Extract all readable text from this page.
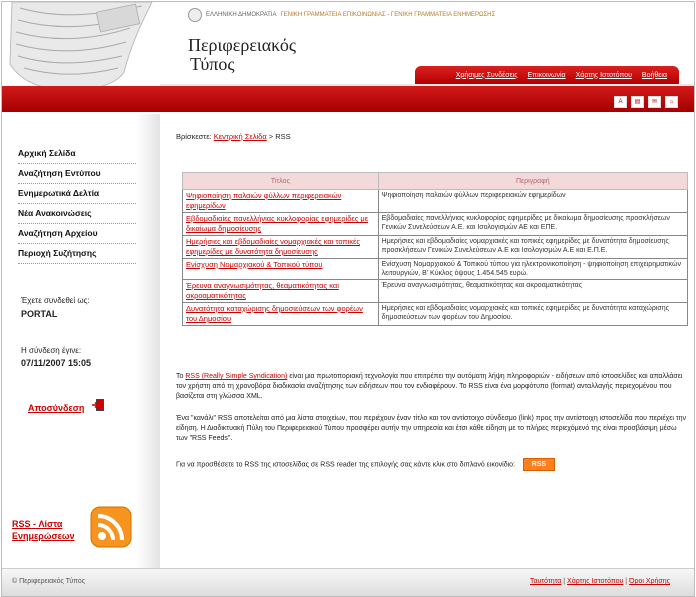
ΕΛΛΗΝΙΚΗ ΔΗΜΟΚΡΑΤΙΑ ΓΕΝΙΚΗ ΓΡΑΜΜΑΤΕΙΑ ΕΠΙΚΟΙΝΩΝΙΑΣ - ΓΕΝΙΚΗ ΓΡΑΜΜΑΤΕΙΑ ΕΝΗΜΕΡΩΣΗΣ
Περιφερειακός
Τύπος
Χρήσιμες Συνδέσεις Επικοινωνία Χάρτης Ιστοτόπου Βοήθεια
A	▤	✉	⌂
Αρχική Σελίδα
Αναζήτηση Εντύπου
Ενημερωτικά Δελτία
Νέα Ανακοινώσεις
Αναζήτηση Αρχείου
Περιοχή Συζήτησης
Έχετε συνδεθεί ως:
PORTAL
Η σύνδεση έγινε:
07/11/2007 15:05
Αποσύνδεση
RSS - Λίστα
Ενημερώσεων
Βρίσκεστε: Κεντρική Σελίδα > RSS
Τίτλος	Περιγραφή
Ψηφιοποίηση παλαιών φύλλων περιφερειακών εφημερίδων	Ψηφιοποίηση παλαιών φύλλων περιφερειακών εφημερίδων
Εβδομαδιαίες πανελλήνιας κυκλοφορίας εφημερίδες με δικαίωμα δημοσίευσης	Εβδομαδιαίες πανελλήνιας κυκλοφορίας εφημερίδες με δικαίωμα δημοσίευσης προσκλήσεων Γενικών Συνελεύσεων Α.Ε. και Ισολογισμών ΑΕ και ΕΠΕ.
Ημερήσιες και εβδομαδιαίες νομαρχιακές και τοπικές εφημερίδες με δυνατότητα δημοσίευσης	Ημερήσιες και εβδομαδιαίες νομαρχιακές και τοπικές εφημερίδες με δυνατότητα δημοσίευσης προσκλήσεων Γενικών Συνελεύσεων Α.Ε και Ισολογισμών Α.Ε και Ε.Π.Ε.
Ενίσχυση Νομαρχιακού & Τοπικού τύπου	Ενίσχυση Νομαρχιακού & Τοπικού τύπου για ηλεκτρονικοποίηση - ψηφιοποίηση επιχειρηματικών λειτουργιών, Β' Κύκλος όψους 1.454.545 ευρώ.
Έρευνα αναγνωσιμότητας, θεαματικότητας και ακροαματικότητας	Έρευνα αναγνωσιμότητας, θεαματικότητας και ακροαματικότητας
Δυνατότητα καταχώρισης δημοσιεύσεων των φορέων του Δημοσίου	Ημερήσιες και εβδομαδιαίες νομαρχιακές και τοπικές εφημερίδες με δυνατότητα καταχώρισης δημοσιεύσεων των φορέων του Δημοσίου.
Το RSS (Really Simple Syndication) είναι μια πρωτοποριακή τεχνολογία που επιτρέπει την αυτόματη λήψη πληροφοριών - ειδήσεων από ιστοσελίδες και απαλλάσει τον χρήστη από τη χρονοβόρα διαδικασία αναζήτησης των ειδήσεων που τον ενδιαφέρουν. Το RSS είναι ένα μορφότυπο (format) ανταλλαγής περιεχομένου που βασίζεται στη γλώσσα XML.
Ένα "κανάλι" RSS αποτελείται από μια λίστα στοιχείων, που περιέχουν έναν τίτλο και τον αντίστοιχο σύνδεσμο (link) προς την αντίστοιχη ιστοσελίδα που περιέχει την είδηση. Η Διαδικτυακή Πύλη του Περιφερειακού Τύπου προσφέρει αυτήν την υπηρεσία και έτσι κάθε είδηση με το πλήρες περιεχόμενό της είναι προσβάσιμη μέσω των "RSS Feeds".
Για να προσθέσετε το RSS της ιστοσελίδας σε RSS reader της επιλογής σας κάντε κλικ στο διπλανό εικονίδιο: RSS
© Περιφερειακός Τύπος	Ταυτότητα | Χάρτης Ιστοτόπου | Όροι Χρήσης
